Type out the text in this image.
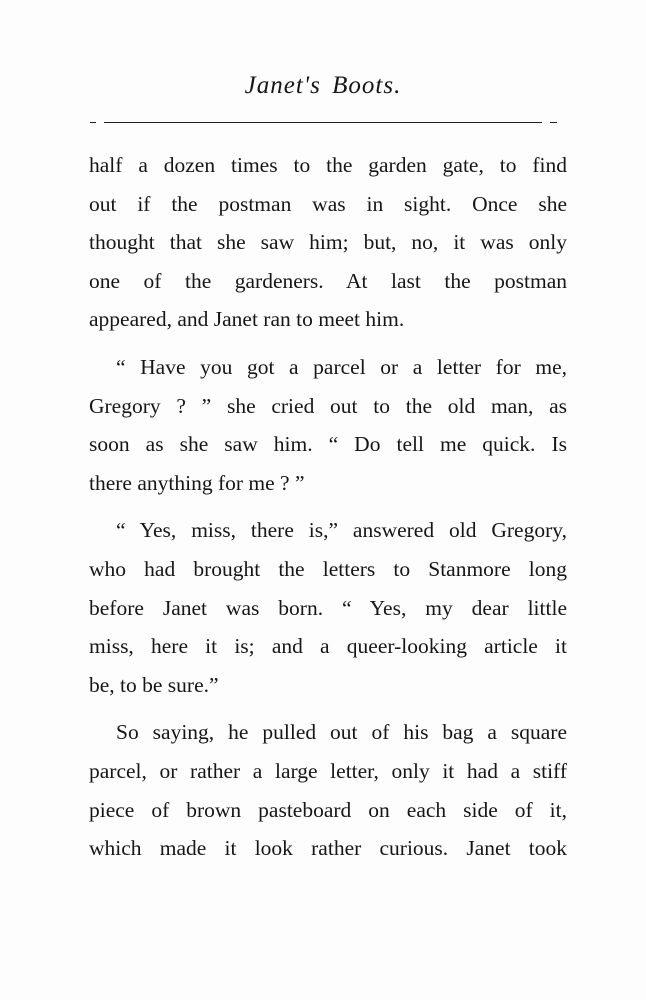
Janet's Boots.
half a dozen times to the garden gate, to find
out if the postman was in sight. Once she
thought that she saw him; but, no, it was only
one of the gardeners. At last the postman
appeared, and Janet ran to meet him.
“ Have you got a parcel or a letter for me,
Gregory ? ” she cried out to the old man, as
soon as she saw him. “ Do tell me quick. Is
there anything for me ? ”
“ Yes, miss, there is,” answered old Gregory,
who had brought the letters to Stanmore long
before Janet was born. “ Yes, my dear little
miss, here it is; and a queer-looking article it
be, to be sure.”
So saying, he pulled out of his bag a square
parcel, or rather a large letter, only it had a stiff
piece of brown pasteboard on each side of it,
which made it look rather curious. Janet took
